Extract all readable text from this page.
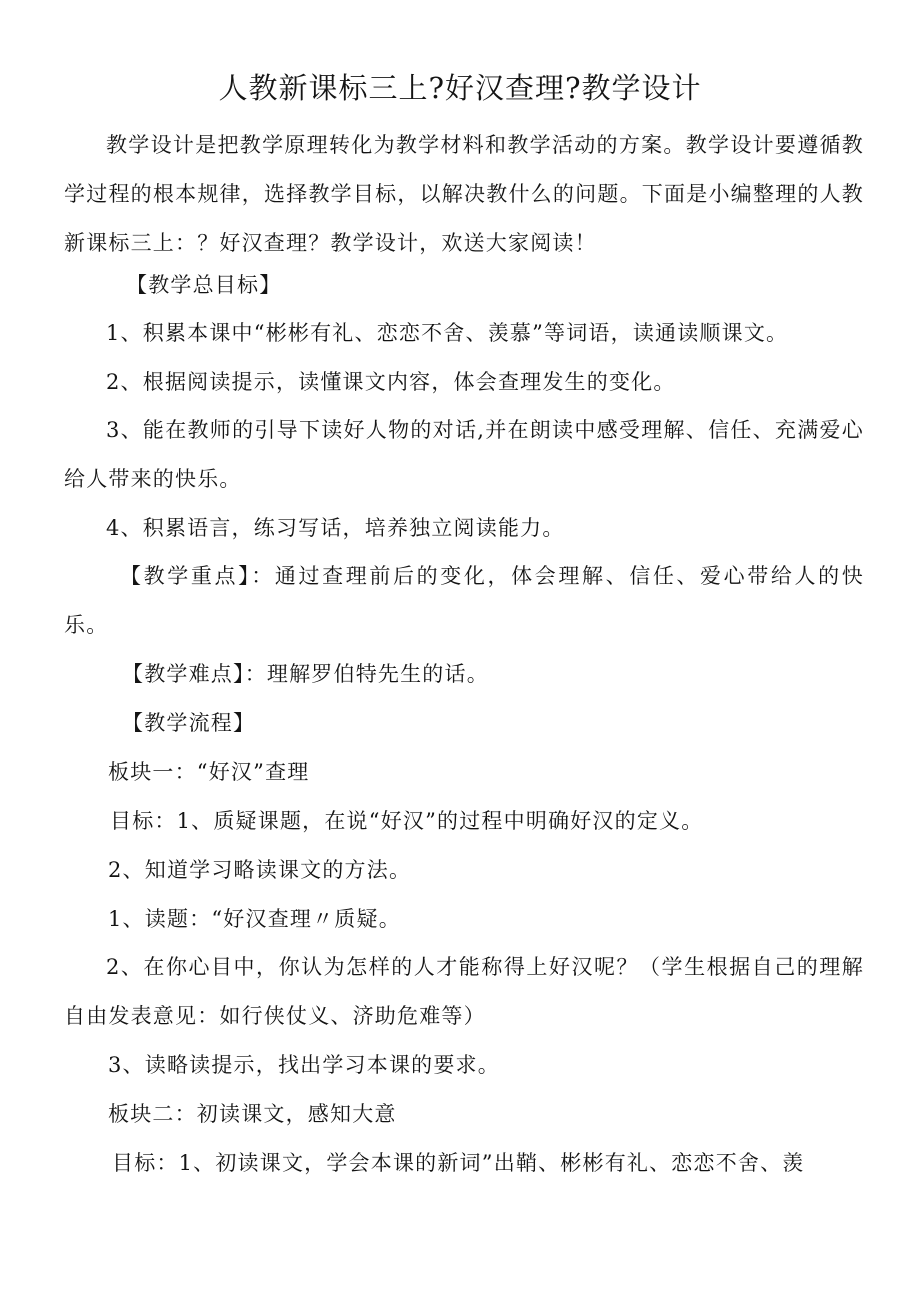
人教新课标三上?好汉查理?教学设计

教学设计是把教学原理转化为教学材料和教学活动的方案。教学设计要遵循教学过程的根本规律，选择教学目标，以解决教什么的问题。下面是小编整理的人教新课标三上：？好汉查理？教学设计，欢送大家阅读！

【教学总目标】
1、积累本课中“彬彬有礼、恋恋不舍、羡慕”等词语，读通读顺课文。
2、根据阅读提示，读懂课文内容，体会查理发生的变化。

3、能在教师的引导下读好人物的对话,并在朗读中感受理解、信任、充满爱心给人带来的快乐。

4、积累语言，练习写话，培养独立阅读能力。

【教学重点】：通过查理前后的变化，体会理解、信任、爱心带给人的快乐。

【教学难点】：理解罗伯特先生的话。
【教学流程】
板块一：“好汉”查理
目标：1、质疑课题，在说“好汉”的过程中明确好汉的定义。
2、知道学习略读课文的方法。
1、读题：“好汉查理〃质疑。

2、在你心目中，你认为怎样的人才能称得上好汉呢？（学生根据自己的理解自由发表意见：如行侠仗义、济助危难等）

3、读略读提示，找出学习本课的要求。
板块二：初读课文，感知大意
目标：1、初读课文，学会本课的新词”出鞘、彬彬有礼、恋恋不舍、羡
